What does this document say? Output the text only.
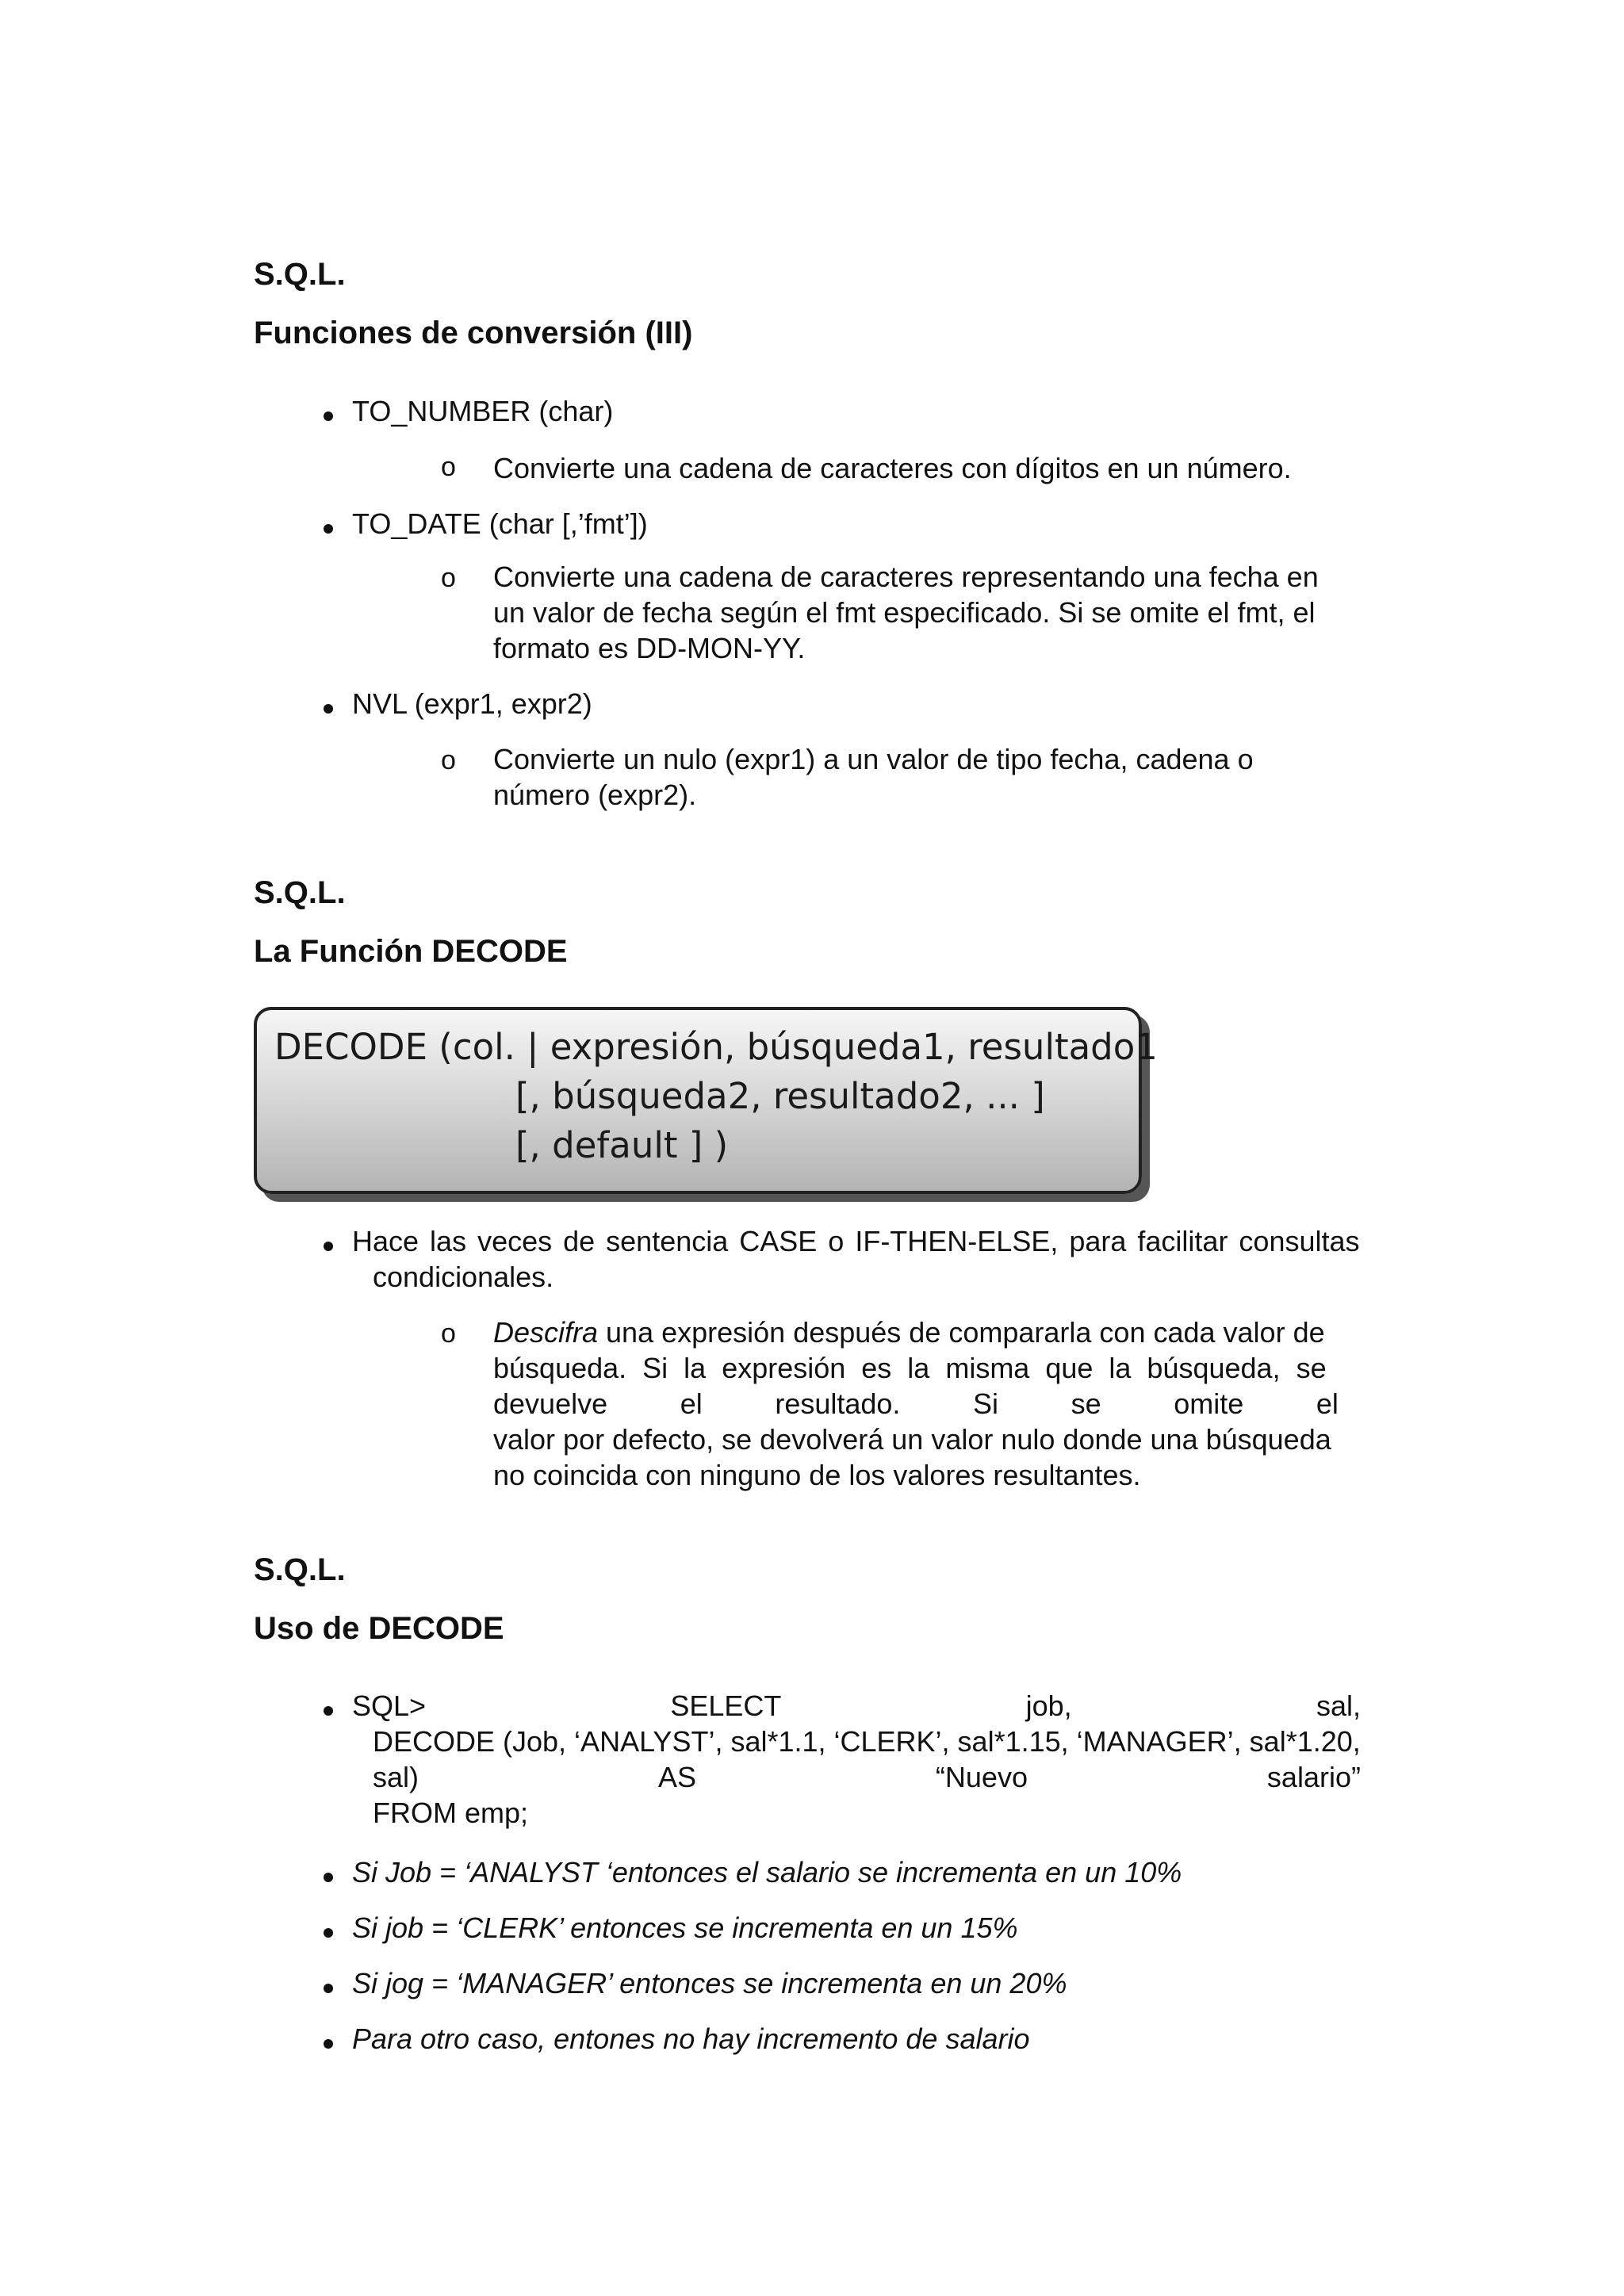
S.Q.L.
Funciones de conversión (III)
TO_NUMBER (char)
o Convierte una cadena de caracteres con dígitos en un número.
TO_DATE (char [,’fmt’])
o Convierte una cadena de caracteres representando una fecha en
un valor de fecha según el fmt especificado. Si se omite el fmt, el
formato es DD-MON-YY.
NVL (expr1, expr2)
o Convierte un nulo (expr1) a un valor de tipo fecha, cadena o
número (expr2).
S.Q.L.
La Función DECODE
DECODE (col. | expresión, búsqueda1, resultado1
[, búsqueda2, resultado2, ... ]
[, default ] )
Hace las veces de sentencia CASE o IF-THEN-ELSE, para facilitar consultas
condicionales.
o Descifra una expresión después de compararla con cada valor de
búsqueda. Si la expresión es la misma que la búsqueda, se
devuelve	el	resultado.	Si	se	omite	el
valor por defecto, se devolverá un valor nulo donde una búsqueda
no coincida con ninguno de los valores resultantes.
S.Q.L.
Uso de DECODE
SQL>	SELECT	job,	sal,
DECODE (Job, ‘ANALYST’, sal*1.1, ‘CLERK’, sal*1.15, ‘MANAGER’, sal*1.20,
sal)	AS	“Nuevo	salario”
FROM emp;
Si Job = ‘ANALYST ‘entonces el salario se incrementa en un 10%
Si job = ‘CLERK’ entonces se incrementa en un 15%
Si jog = ‘MANAGER’ entonces se incrementa en un 20%
Para otro caso, entones no hay incremento de salario
